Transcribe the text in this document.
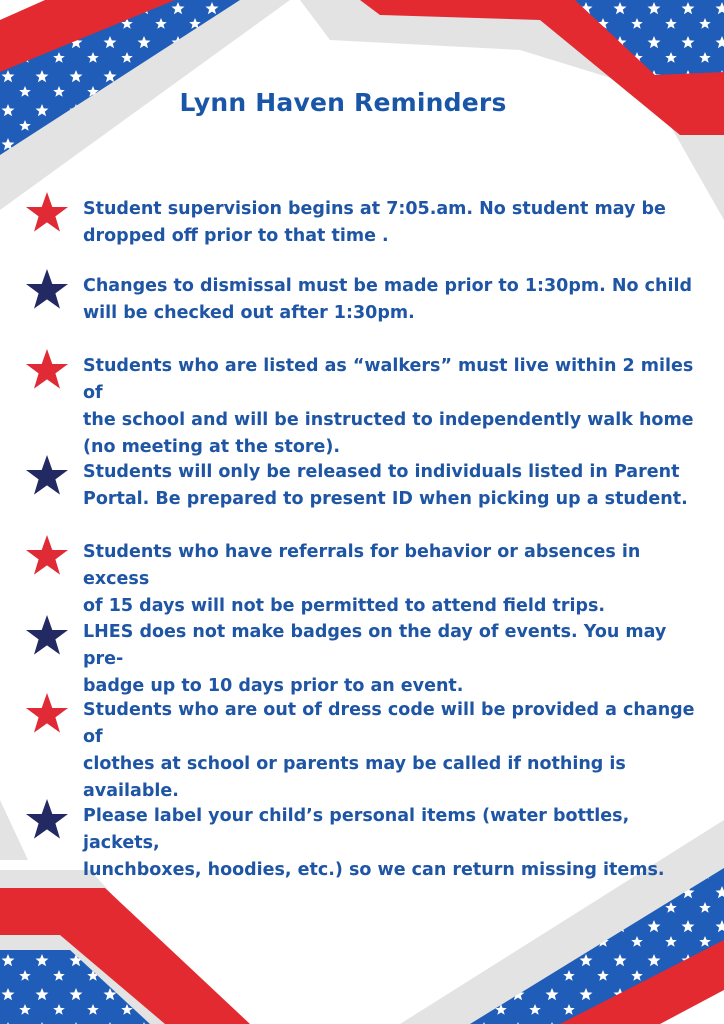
Lynn Haven Reminders
Student supervision begins at 7:05.am. No student may be
dropped off prior to that time .
Changes to dismissal must be made prior to 1:30pm. No child
will be checked out after 1:30pm.
Students who are listed as “walkers” must live within 2 miles of
the school and will be instructed to independently walk home
(no meeting at the store).
Students will only be released to individuals listed in Parent
Portal. Be prepared to present ID when picking up a student.
Students who have referrals for behavior or absences in excess
of 15 days will not be permitted to attend field trips.
LHES does not make badges on the day of events. You may pre-
badge up to 10 days prior to an event.
Students who are out of dress code will be provided a change of
clothes at school or parents may be called if nothing is
available.
Please label your child’s personal items (water bottles, jackets,
lunchboxes, hoodies, etc.) so we can return missing items.
